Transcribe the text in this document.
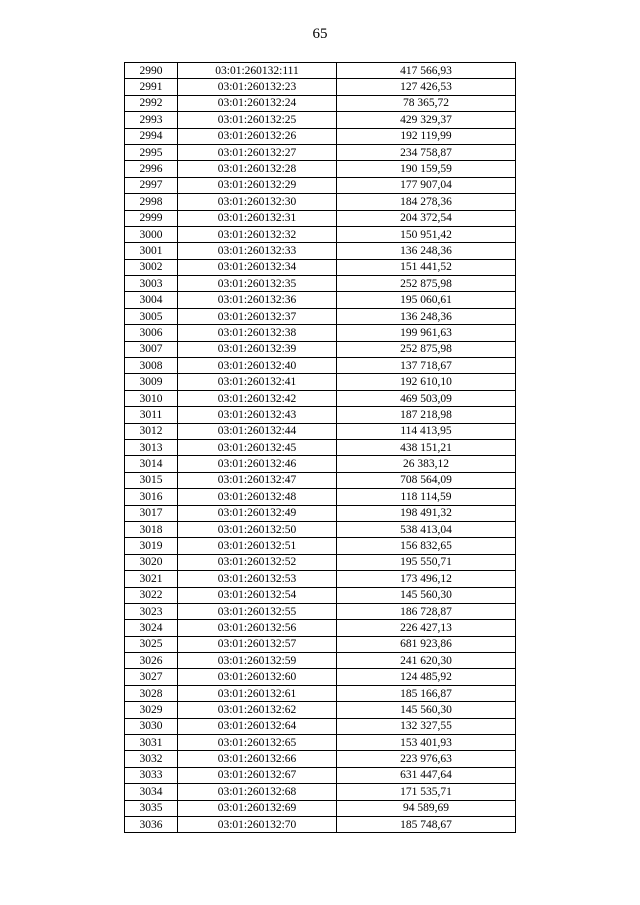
65
2990	03:01:260132:111	417 566,93
2991	03:01:260132:23	127 426,53
2992	03:01:260132:24	78 365,72
2993	03:01:260132:25	429 329,37
2994	03:01:260132:26	192 119,99
2995	03:01:260132:27	234 758,87
2996	03:01:260132:28	190 159,59
2997	03:01:260132:29	177 907,04
2998	03:01:260132:30	184 278,36
2999	03:01:260132:31	204 372,54
3000	03:01:260132:32	150 951,42
3001	03:01:260132:33	136 248,36
3002	03:01:260132:34	151 441,52
3003	03:01:260132:35	252 875,98
3004	03:01:260132:36	195 060,61
3005	03:01:260132:37	136 248,36
3006	03:01:260132:38	199 961,63
3007	03:01:260132:39	252 875,98
3008	03:01:260132:40	137 718,67
3009	03:01:260132:41	192 610,10
3010	03:01:260132:42	469 503,09
3011	03:01:260132:43	187 218,98
3012	03:01:260132:44	114 413,95
3013	03:01:260132:45	438 151,21
3014	03:01:260132:46	26 383,12
3015	03:01:260132:47	708 564,09
3016	03:01:260132:48	118 114,59
3017	03:01:260132:49	198 491,32
3018	03:01:260132:50	538 413,04
3019	03:01:260132:51	156 832,65
3020	03:01:260132:52	195 550,71
3021	03:01:260132:53	173 496,12
3022	03:01:260132:54	145 560,30
3023	03:01:260132:55	186 728,87
3024	03:01:260132:56	226 427,13
3025	03:01:260132:57	681 923,86
3026	03:01:260132:59	241 620,30
3027	03:01:260132:60	124 485,92
3028	03:01:260132:61	185 166,87
3029	03:01:260132:62	145 560,30
3030	03:01:260132:64	132 327,55
3031	03:01:260132:65	153 401,93
3032	03:01:260132:66	223 976,63
3033	03:01:260132:67	631 447,64
3034	03:01:260132:68	171 535,71
3035	03:01:260132:69	94 589,69
3036	03:01:260132:70	185 748,67
